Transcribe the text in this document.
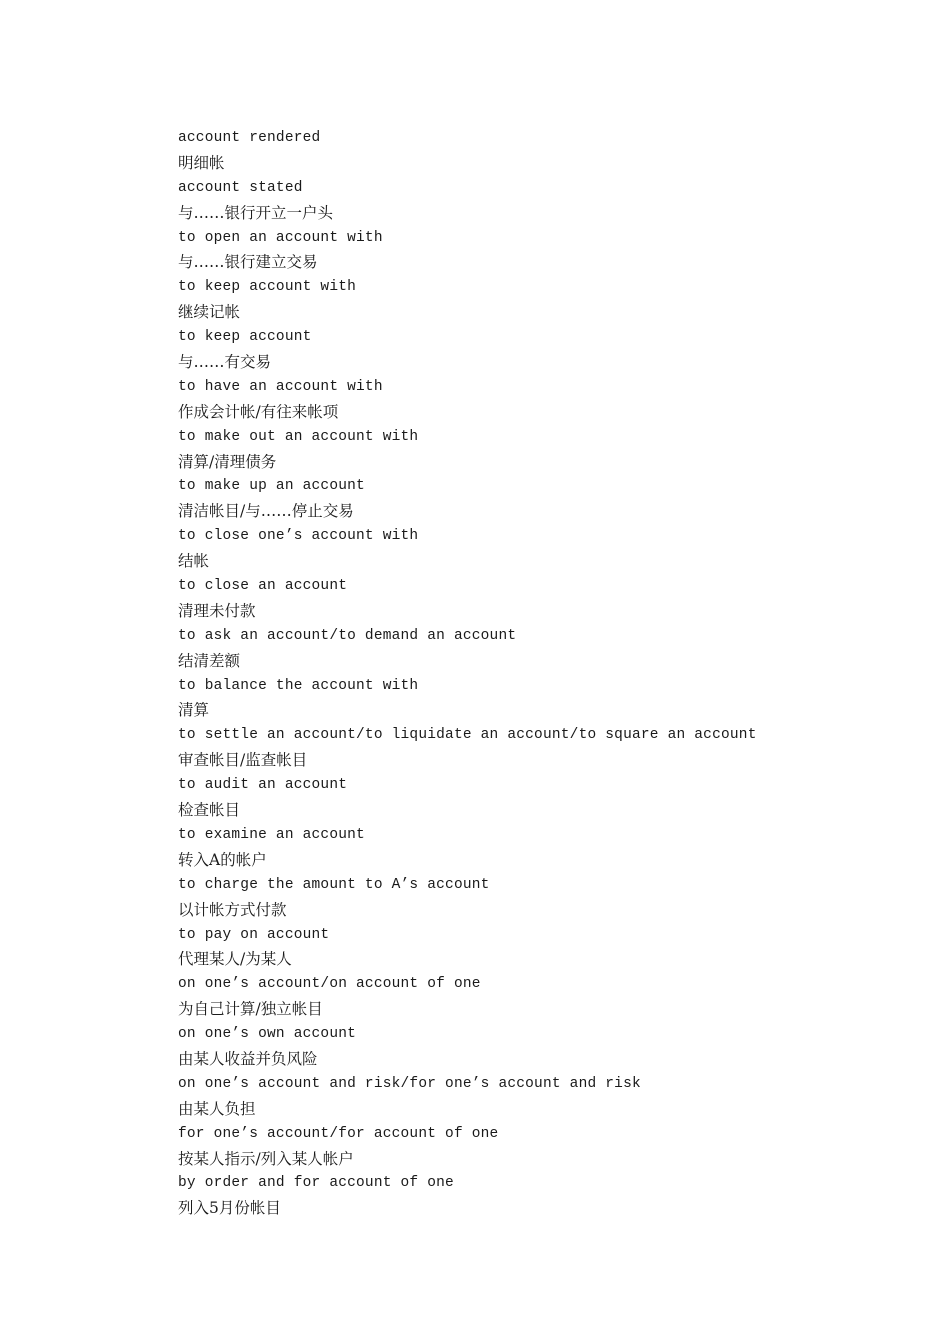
account rendered
明细帐
account stated
与……银行开立一户头
to open an account with
与……银行建立交易
to keep account with
继续记帐
to keep account
与……有交易
to have an account with
作成会计帐/有往来帐项
to make out an account with
清算/清理债务
to make up an account
清洁帐目/与……停止交易
to close one’s account with
结帐
to close an account
清理未付款
to ask an account/to demand an account
结清差额
to balance the account with
清算
to settle an account/to liquidate an account/to square an account
审查帐目/监查帐目
to audit an account
检查帐目
to examine an account
转入A的帐户
to charge the amount to A’s account
以计帐方式付款
to pay on account
代理某人/为某人
on one’s account/on account of one
为自己计算/独立帐目
on one’s own account
由某人收益并负风险
on one’s account and risk/for one’s account and risk
由某人负担
for one’s account/for account of one
按某人指示/列入某人帐户
by order and for account of one
列入5月份帐目
